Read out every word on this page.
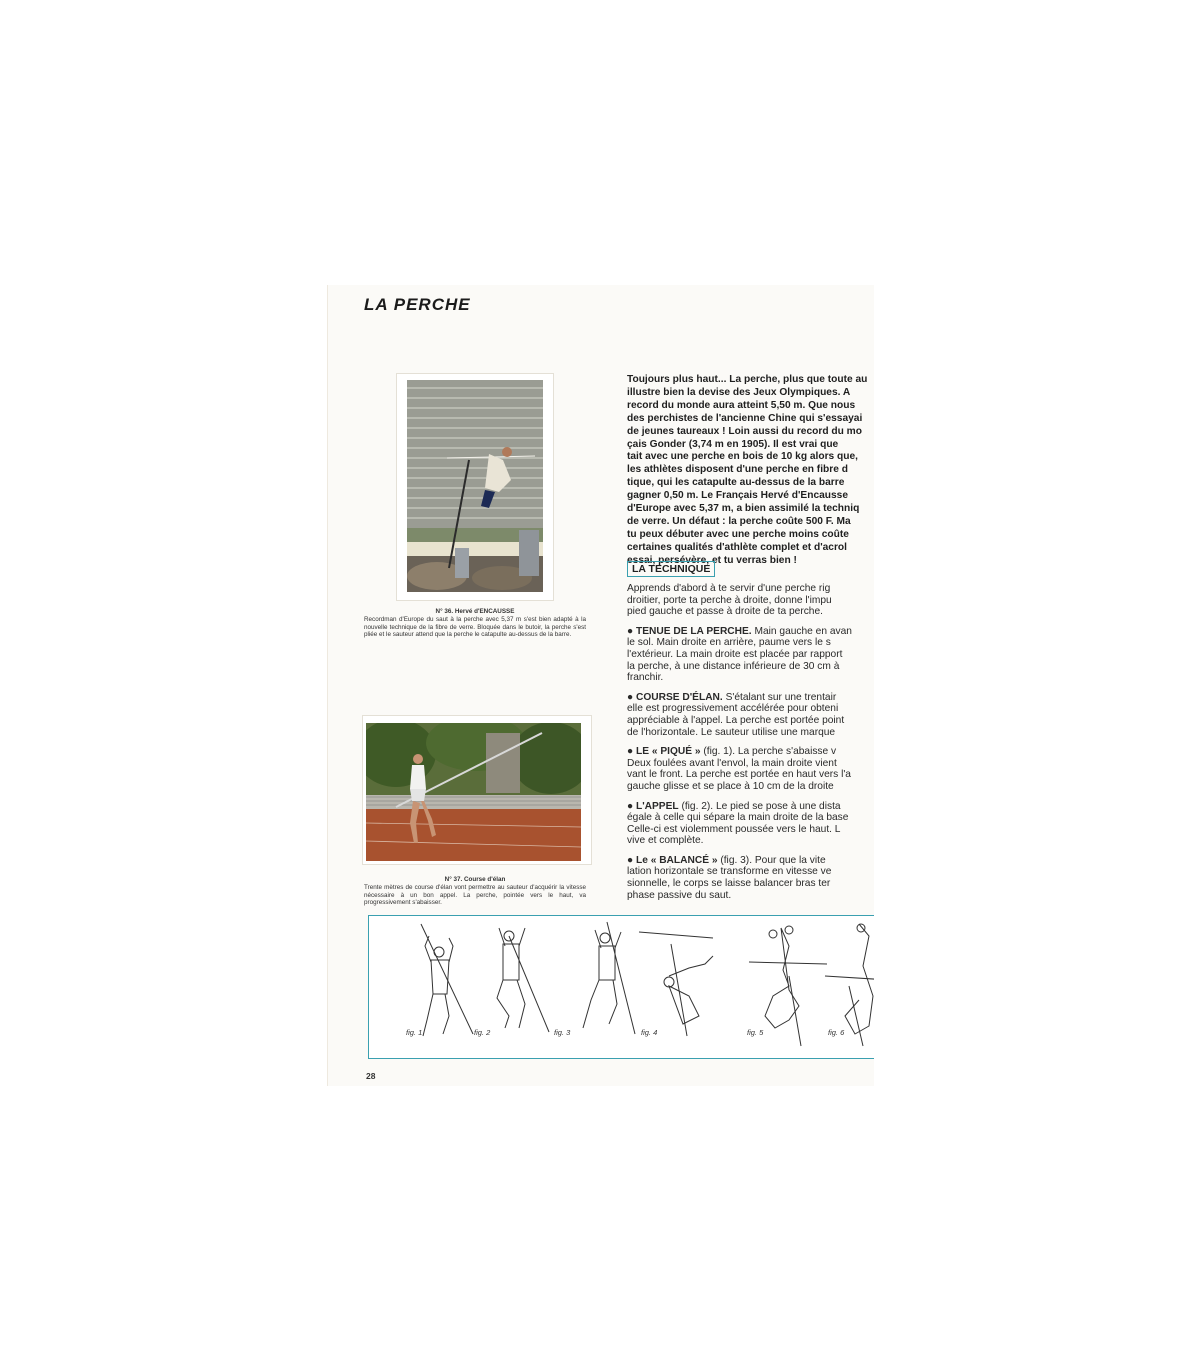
LA PERCHE
N° 36. Hervé d'ENCAUSSE
Recordman d'Europe du saut à la perche avec 5,37 m s'est bien adapté à la nouvelle technique de la fibre de verre. Bloquée dans le butoir, la perche s'est pliée et le sauteur attend que la perche le catapulte au-dessus de la barre.
N° 37. Course d'élan
Trente mètres de course d'élan vont permettre au sauteur d'acquérir la vitesse nécessaire à un bon appel. La perche, pointée vers le haut, va progressivement s'abaisser.
Toujours plus haut... La perche, plus que toute au
illustre bien la devise des Jeux Olympiques. A
record du monde aura atteint 5,50 m. Que nous
des perchistes de l'ancienne Chine qui s'essayai
de jeunes taureaux ! Loin aussi du record du mo
çais Gonder (3,74 m en 1905). Il est vrai que
tait avec une perche en bois de 10 kg alors que,
les athlètes disposent d'une perche en fibre d
tique, qui les catapulte au-dessus de la barre
gagner 0,50 m. Le Français Hervé d'Encausse
d'Europe avec 5,37 m, a bien assimilé la techniq
de verre. Un défaut : la perche coûte 500 F. Ma
tu peux débuter avec une perche moins coûte
certaines qualités d'athlète complet et d'acrol
essai, persévère, et tu verras bien !
LA TECHNIQUE

Apprends d'abord à te servir d'une perche rig
droitier, porte ta perche à droite, donne l'impu
pied gauche et passe à droite de ta perche.

● TENUE DE LA PERCHE. Main gauche en avan
le sol. Main droite en arrière, paume vers le s
l'extérieur. La main droite est placée par rapport
la perche, à une distance inférieure de 30 cm à
franchir.

● COURSE D'ÉLAN. S'étalant sur une trentair
elle est progressivement accélérée pour obteni
appréciable à l'appel. La perche est portée point
de l'horizontale. Le sauteur utilise une marque

● LE « PIQUÉ » (fig. 1). La perche s'abaisse v
Deux foulées avant l'envol, la main droite vient
vant le front. La perche est portée en haut vers l'a
gauche glisse et se place à 10 cm de la droite

● L'APPEL (fig. 2). Le pied se pose à une dista
égale à celle qui sépare la main droite de la base
Celle-ci est violemment poussée vers le haut. L
vive et complète.

● Le « BALANCÉ » (fig. 3). Pour que la vite
lation horizontale se transforme en vitesse ve
sionnelle, le corps se laisse balancer bras ter
phase passive du saut.

fig. 1	fig. 2	fig. 3	fig. 4	fig. 5	fig. 6
28
